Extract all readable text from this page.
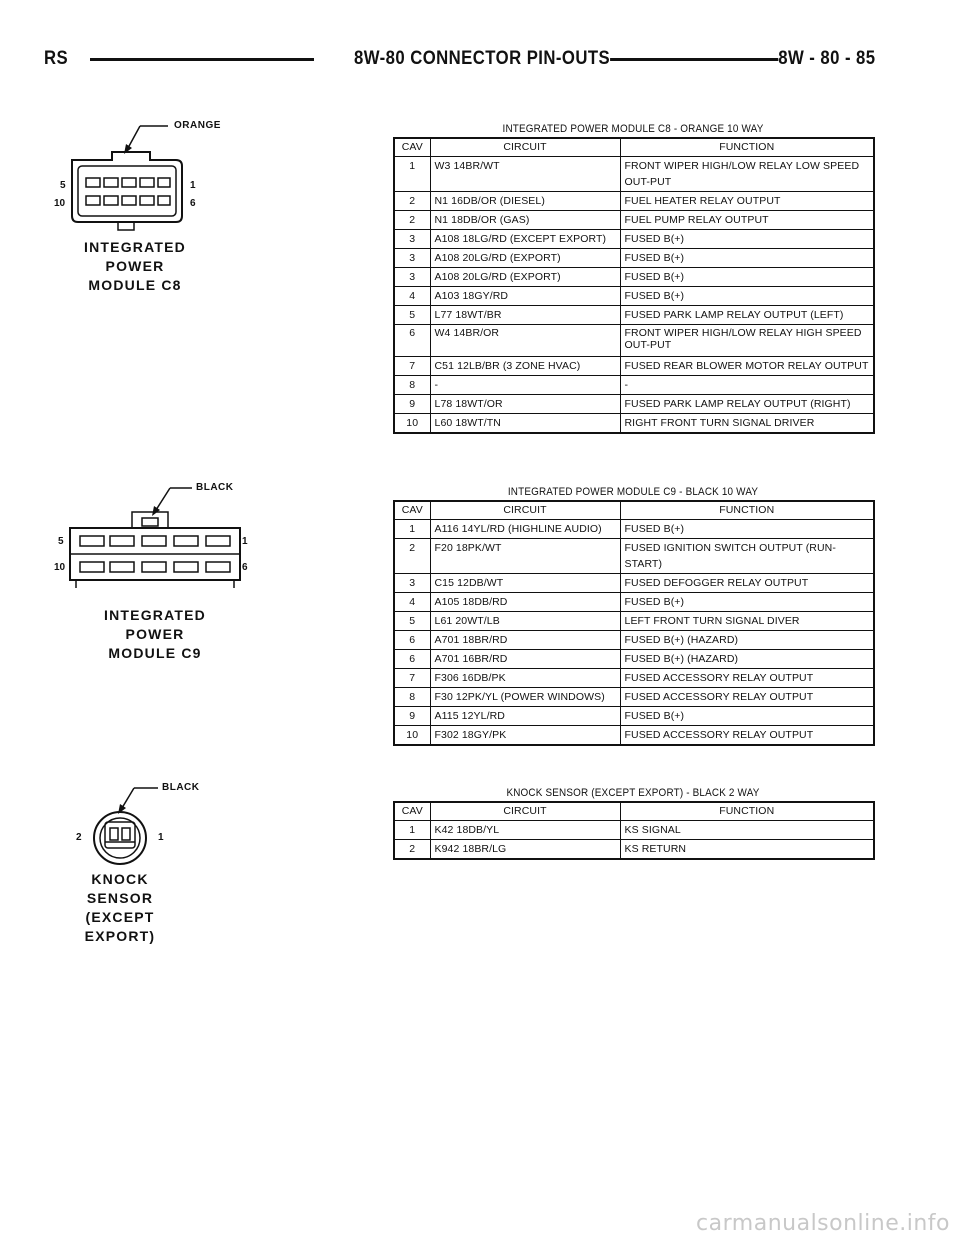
RS	8W-80 CONNECTOR PIN-OUTS	8W - 80 - 85
ORANGE
5
10
1
6
INTEGRATED
POWER
MODULE C8
BLACK
5
10
1
6
INTEGRATED
POWER
MODULE C9
BLACK
2	1
KNOCK
SENSOR
(EXCEPT EXPORT)
INTEGRATED POWER MODULE C8 - ORANGE 10 WAY
CAV	CIRCUIT	FUNCTION
1	W3 14BR/WT	FRONT WIPER HIGH/LOW RELAY LOW SPEED OUT-PUT
2	N1 16DB/OR (DIESEL)	FUEL HEATER RELAY OUTPUT
2	N1 18DB/OR (GAS)	FUEL PUMP RELAY OUTPUT
3	A108 18LG/RD (EXCEPT EXPORT)	FUSED B(+)
3	A108 20LG/RD (EXPORT)	FUSED B(+)
3	A108 20LG/RD (EXPORT)	FUSED B(+)
4	A103 18GY/RD	FUSED B(+)
5	L77 18WT/BR	FUSED PARK LAMP RELAY OUTPUT (LEFT)
6	W4 14BR/OR	FRONT WIPER HIGH/LOW RELAY HIGH SPEED OUT-PUT
7	C51 12LB/BR (3 ZONE HVAC)	FUSED REAR BLOWER MOTOR RELAY OUTPUT
8	-	-
9	L78 18WT/OR	FUSED PARK LAMP RELAY OUTPUT (RIGHT)
10	L60 18WT/TN	RIGHT FRONT TURN SIGNAL DRIVER
INTEGRATED POWER MODULE C9 - BLACK 10 WAY
CAV	CIRCUIT	FUNCTION
1	A116 14YL/RD (HIGHLINE AUDIO)	FUSED B(+)
2	F20 18PK/WT	FUSED IGNITION SWITCH OUTPUT (RUN-START)
3	C15 12DB/WT	FUSED DEFOGGER RELAY OUTPUT
4	A105 18DB/RD	FUSED B(+)
5	L61 20WT/LB	LEFT FRONT TURN SIGNAL DIVER
6	A701 18BR/RD	FUSED B(+) (HAZARD)
6	A701 16BR/RD	FUSED B(+) (HAZARD)
7	F306 16DB/PK	FUSED ACCESSORY RELAY OUTPUT
8	F30 12PK/YL (POWER WINDOWS)	FUSED ACCESSORY RELAY OUTPUT
9	A115 12YL/RD	FUSED B(+)
10	F302 18GY/PK	FUSED ACCESSORY RELAY OUTPUT
KNOCK SENSOR (EXCEPT EXPORT) - BLACK 2 WAY
CAV	CIRCUIT	FUNCTION
1	K42 18DB/YL	KS SIGNAL
2	K942 18BR/LG	KS RETURN
carmanualsonline.info
